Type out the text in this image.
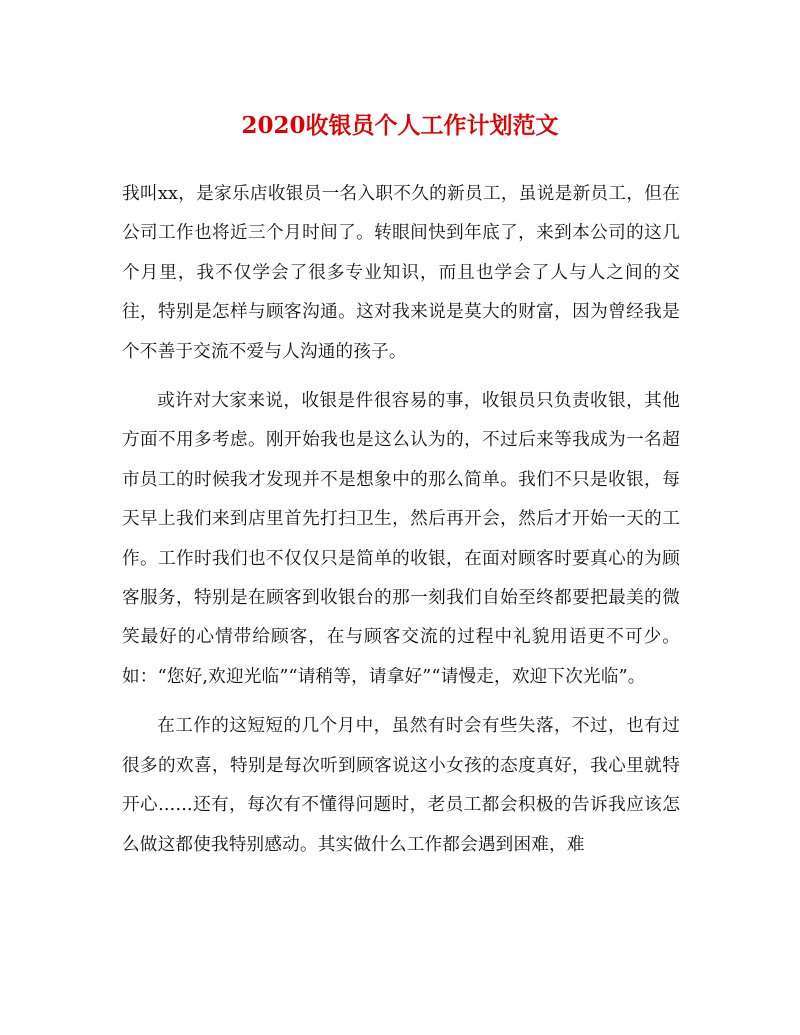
2020收银员个人工作计划范文

我叫xx，是家乐店收银员一名入职不久的新员工，虽说是新员工，但在公司工作也将近三个月时间了。转眼间快到年底了，来到本公司的这几个月里，我不仅学会了很多专业知识，而且也学会了人与人之间的交往，特别是怎样与顾客沟通。这对我来说是莫大的财富，因为曾经我是个不善于交流不爱与人沟通的孩子。

或许对大家来说，收银是件很容易的事，收银员只负责收银，其他方面不用多考虑。刚开始我也是这么认为的，不过后来等我成为一名超市员工的时候我才发现并不是想象中的那么简单。我们不只是收银，每天早上我们来到店里首先打扫卫生，然后再开会，然后才开始一天的工作。工作时我们也不仅仅只是简单的收银，在面对顾客时要真心的为顾客服务，特别是在顾客到收银台的那一刻我们自始至终都要把最美的微笑最好的心情带给顾客，在与顾客交流的过程中礼貌用语更不可少。如：“您好,欢迎光临”“请稍等，请拿好”“请慢走，欢迎下次光临”。

在工作的这短短的几个月中，虽然有时会有些失落，不过，也有过很多的欢喜，特别是每次听到顾客说这小女孩的态度真好，我心里就特开心......还有，每次有不懂得问题时，老员工都会积极的告诉我应该怎么做这都使我特别感动。其实做什么工作都会遇到困难，难
